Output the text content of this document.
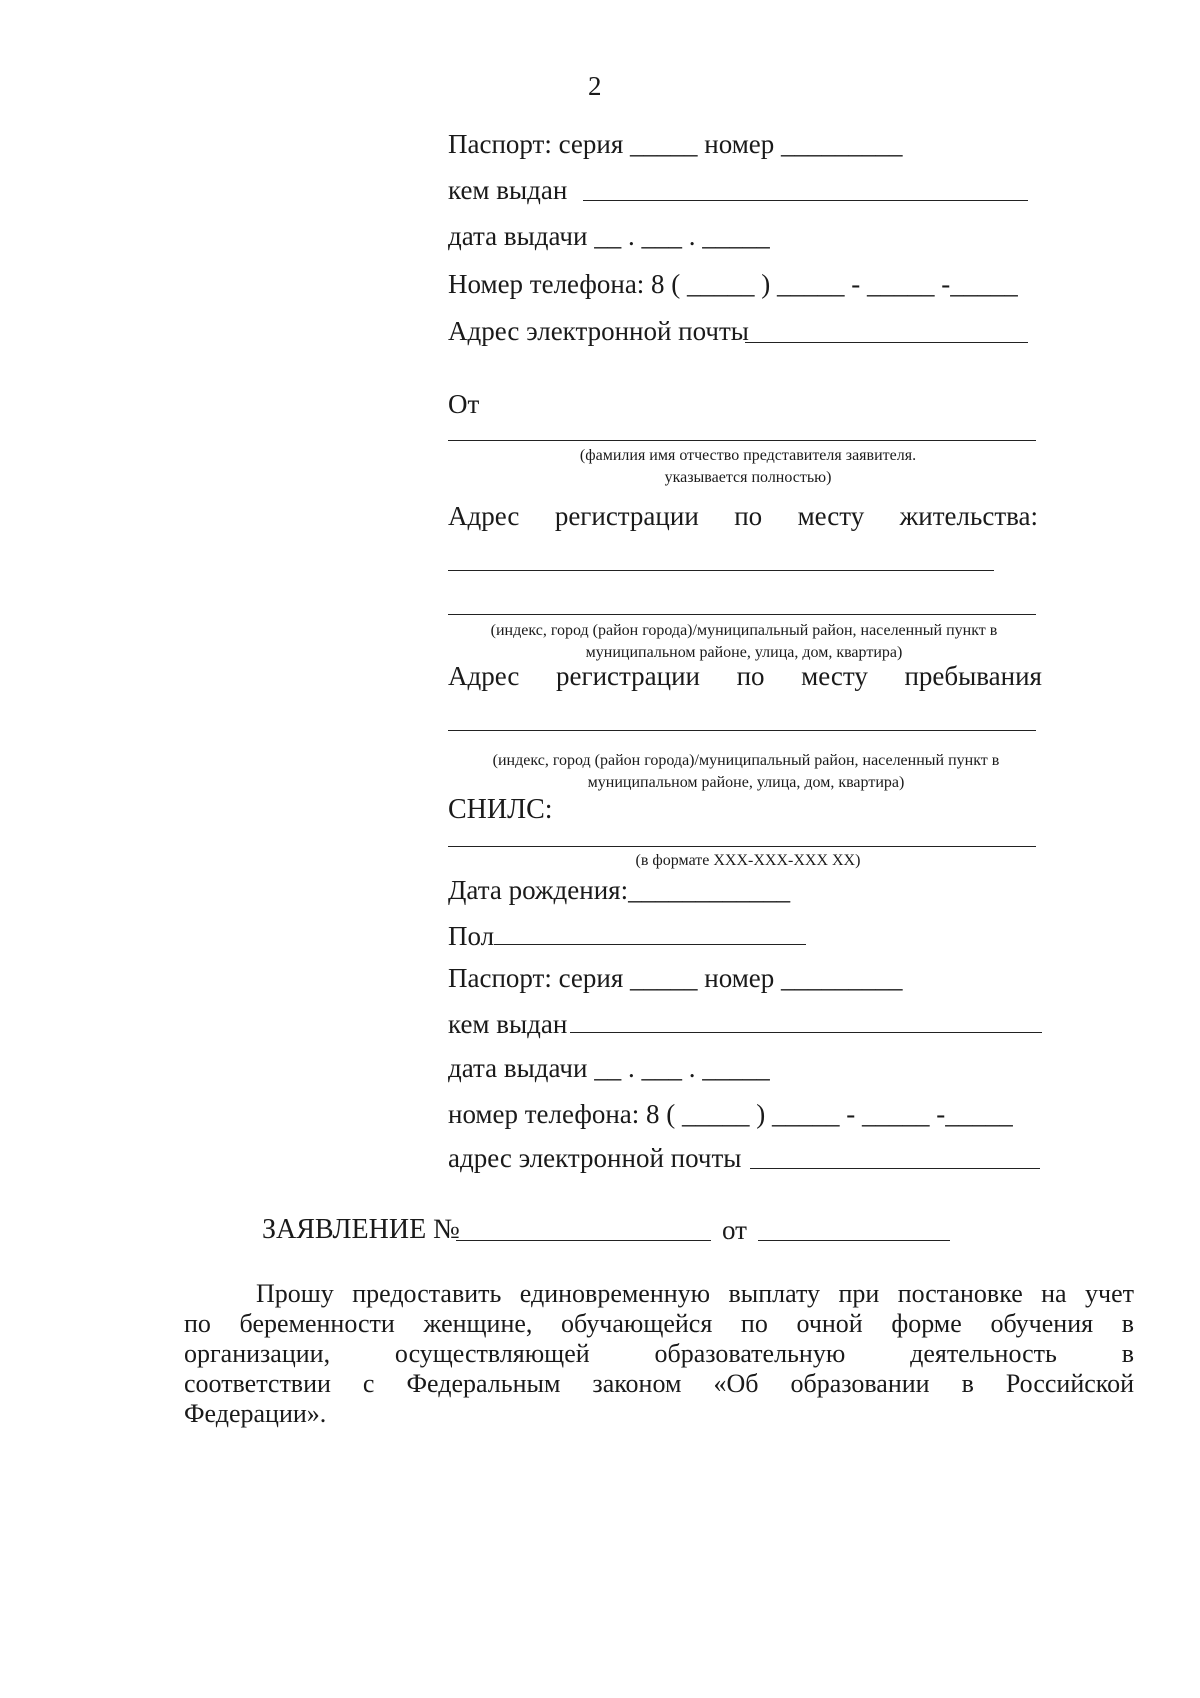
2
Паспорт: серия _____ номер _________
кем выдан
дата выдачи __ . ___ . _____
Номер телефона: 8 ( _____ ) _____ - _____ -_____
Адрес электронной почты
От
(фамилия имя отчество представителя заявителя. указывается полностью)
Адрес регистрации по месту жительства:
(индекс, город (район города)/муниципальный район, населенный пункт в муниципальном районе, улица, дом, квартира)
Адрес регистрации по месту пребывания
(индекс, город (район города)/муниципальный район, населенный пункт в муниципальном районе, улица, дом, квартира)
СНИЛС:
(в формате XXX-XXX-XXX XX)
Дата рождения:____________
Пол
Паспорт: серия _____ номер _________
кем выдан
дата выдачи __ . ___ . _____
номер телефона: 8 ( _____ ) _____ - _____ -_____
адрес электронной почты
ЗАЯВЛЕНИЕ №	от
Прошу предоставить единовременную выплату при постановке на учет
по беременности женщине, обучающейся по очной форме обучения в
организации, осуществляющей образовательную деятельность в
соответствии с Федеральным законом «Об образовании в Российской
Федерации».
